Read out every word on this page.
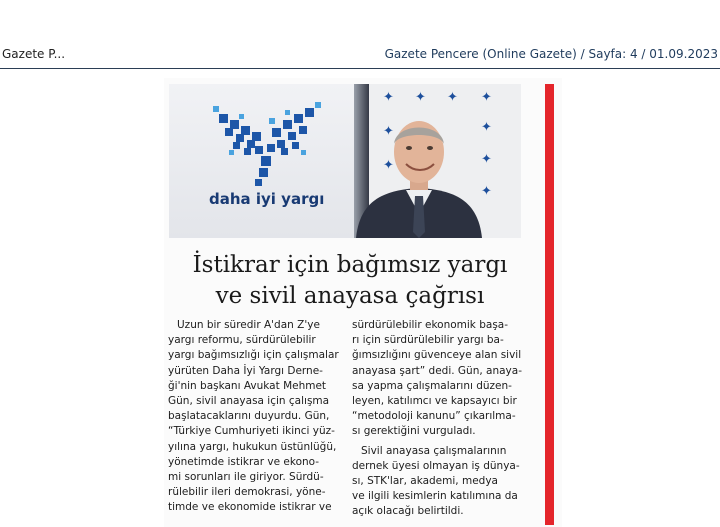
Gazete P...	Gazete Pencere (Online Gazete) / Sayfa: 4 / 01.09.2023
daha iyi yargı
✦ ✦ ✦ ✦
✦
✦
✦
✦
✦
İstikrar için bağımsız yargı
ve sivil anayasa çağrısı
Uzun bir süredir A'dan Z'ye
yargı reformu, sürdürülebilir
yargı bağımsızlığı için çalışmalar
yürüten Daha İyi Yargı Derne-
ği'nin başkanı Avukat Mehmet
Gün, sivil anayasa için çalışma
başlatacaklarını duyurdu. Gün,
“Türkiye Cumhuriyeti ikinci yüz-
yılına yargı, hukukun üstünlüğü,
yönetimde istikrar ve ekono-
mi sorunları ile giriyor. Sürdü-
rülebilir ileri demokrasi, yöne-
timde ve ekonomide istikrar ve
sürdürülebilir ekonomik başa-
rı için sürdürülebilir yargı ba-
ğımsızlığını güvenceye alan sivil
anayasa şart” dedi. Gün, anaya-
sa yapma çalışmalarını düzen-
leyen, katılımcı ve kapsayıcı bir
“metodoloji kanunu” çıkarılma-
sı gerektiğini vurguladı.
Sivil anayasa çalışmalarının
dernek üyesi olmayan iş dünya-
sı, STK'lar, akademi, medya
ve ilgili kesimlerin katılımına da
açık olacağı belirtildi.
